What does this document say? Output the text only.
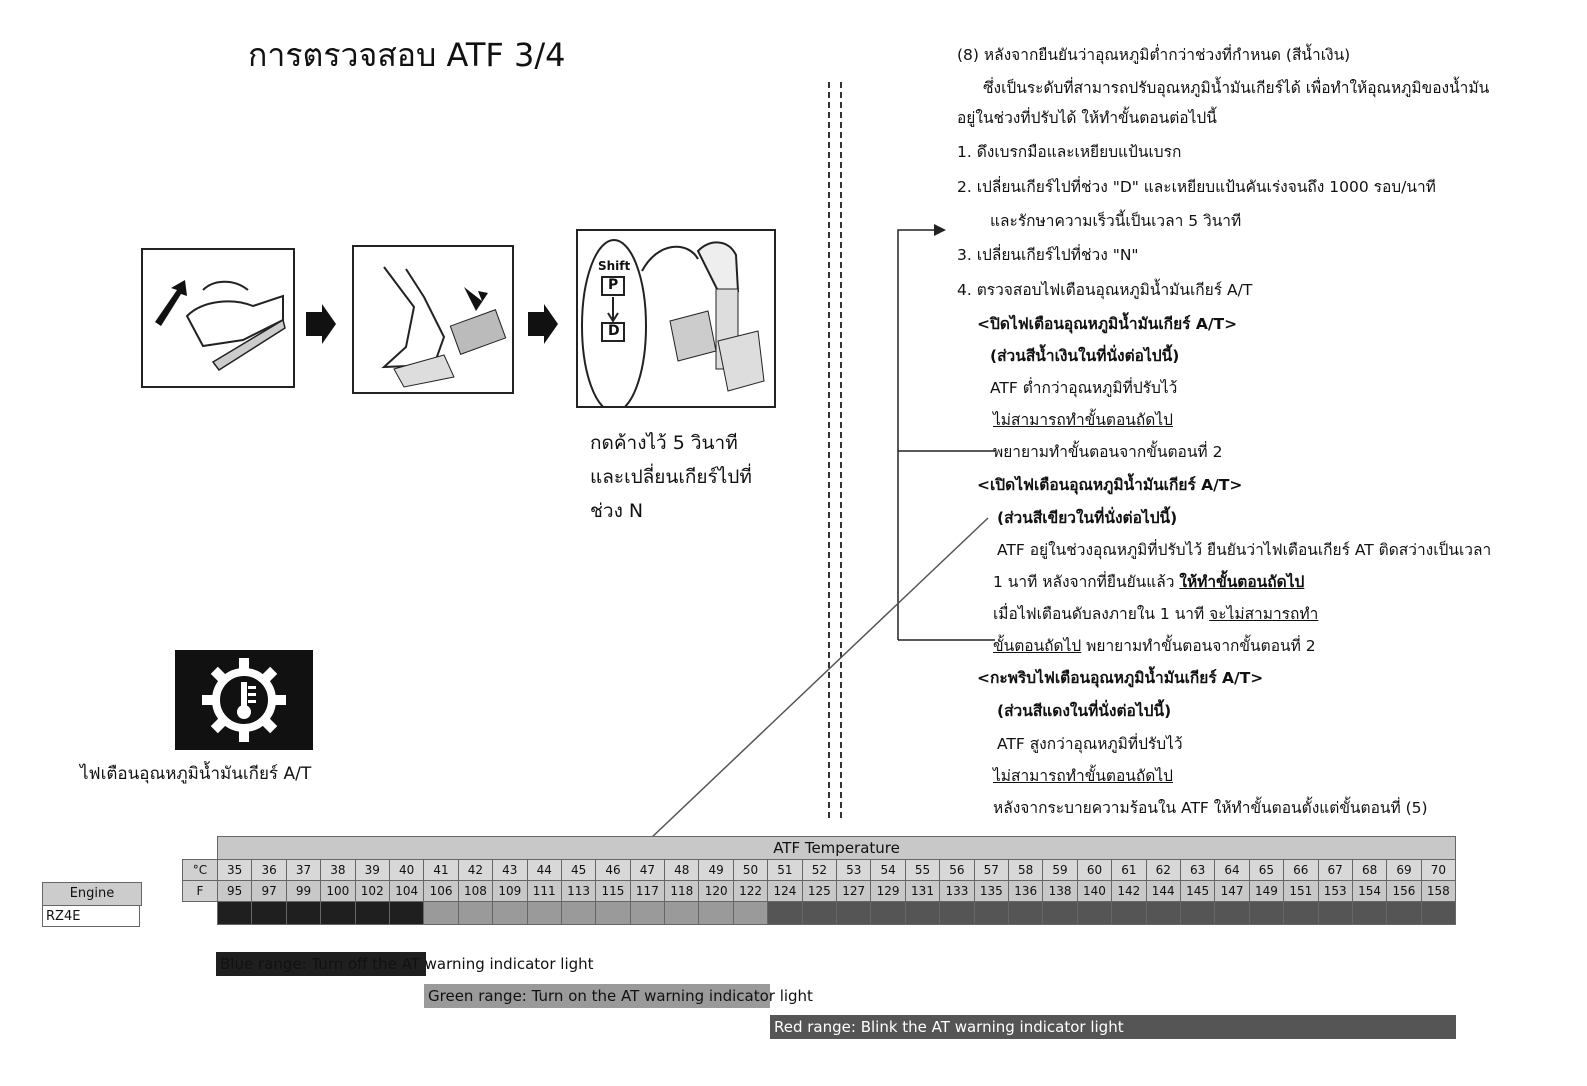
การตรวจสอบ ATF 3/4
Shift
P
D
กดค้างไว้ 5 วินาที
และเปลี่ยนเกียร์ไปที่
ช่วง N
ไฟเตือนอุณหภูมิน้ำมันเกียร์ A/T
(8) หลังจากยืนยันว่าอุณหภูมิต่ำกว่าช่วงที่กำหนด (สีน้ำเงิน)
ซึ่งเป็นระดับที่สามารถปรับอุณหภูมิน้ำมันเกียร์ได้ เพื่อทำให้อุณหภูมิของน้ำมัน
อยู่ในช่วงที่ปรับได้ ให้ทำขั้นตอนต่อไปนี้
1. ดึงเบรกมือและเหยียบแป้นเบรก
2. เปลี่ยนเกียร์ไปที่ช่วง "D" และเหยียบแป้นคันเร่งจนถึง 1000 รอบ/นาที
และรักษาความเร็วนี้เป็นเวลา 5 วินาที
3. เปลี่ยนเกียร์ไปที่ช่วง "N"
4. ตรวจสอบไฟเตือนอุณหภูมิน้ำมันเกียร์ A/T
<ปิดไฟเตือนอุณหภูมิน้ำมันเกียร์ A/T>
(ส่วนสีน้ำเงินในที่นั่งต่อไปนี้)
ATF ต่ำกว่าอุณหภูมิที่ปรับไว้
ไม่สามารถทำขั้นตอนถัดไป
พยายามทำขั้นตอนจากขั้นตอนที่ 2
<เปิดไฟเตือนอุณหภูมิน้ำมันเกียร์ A/T>
(ส่วนสีเขียวในที่นั่งต่อไปนี้)
ATF อยู่ในช่วงอุณหภูมิที่ปรับไว้ ยืนยันว่าไฟเตือนเกียร์ AT ติดสว่างเป็นเวลา
1 นาที หลังจากที่ยืนยันแล้ว ให้ทำขั้นตอนถัดไป
เมื่อไฟเตือนดับลงภายใน 1 นาที จะไม่สามารถทำ
ขั้นตอนถัดไป พยายามทำขั้นตอนจากขั้นตอนที่ 2
<กะพริบไฟเตือนอุณหภูมิน้ำมันเกียร์ A/T>
(ส่วนสีแดงในที่นั่งต่อไปนี้)
ATF สูงกว่าอุณหภูมิที่ปรับไว้
ไม่สามารถทำขั้นตอนถัดไป
หลังจากระบายความร้อนใน ATF ให้ทำขั้นตอนตั้งแต่ขั้นตอนที่ (5)
	ATF Temperature																																			
°C	35	36	37	38	39	40	41	42	43	44	45	46	47	48	49	50	51	52	53	54	55	56	57	58	59	60	61	62	63	64	65	66	67	68	69	70
F	95	97	99	100	102	104	106	108	109	111	113	115	117	118	120	122	124	125	127	129	131	133	135	136	138	140	142	144	145	147	149	151	153	154	156	158

Engine
RZ4E
Blue range: Turn off the AT warning indicator light
Green range: Turn on the AT warning indicator light
Red range: Blink the AT warning indicator light
